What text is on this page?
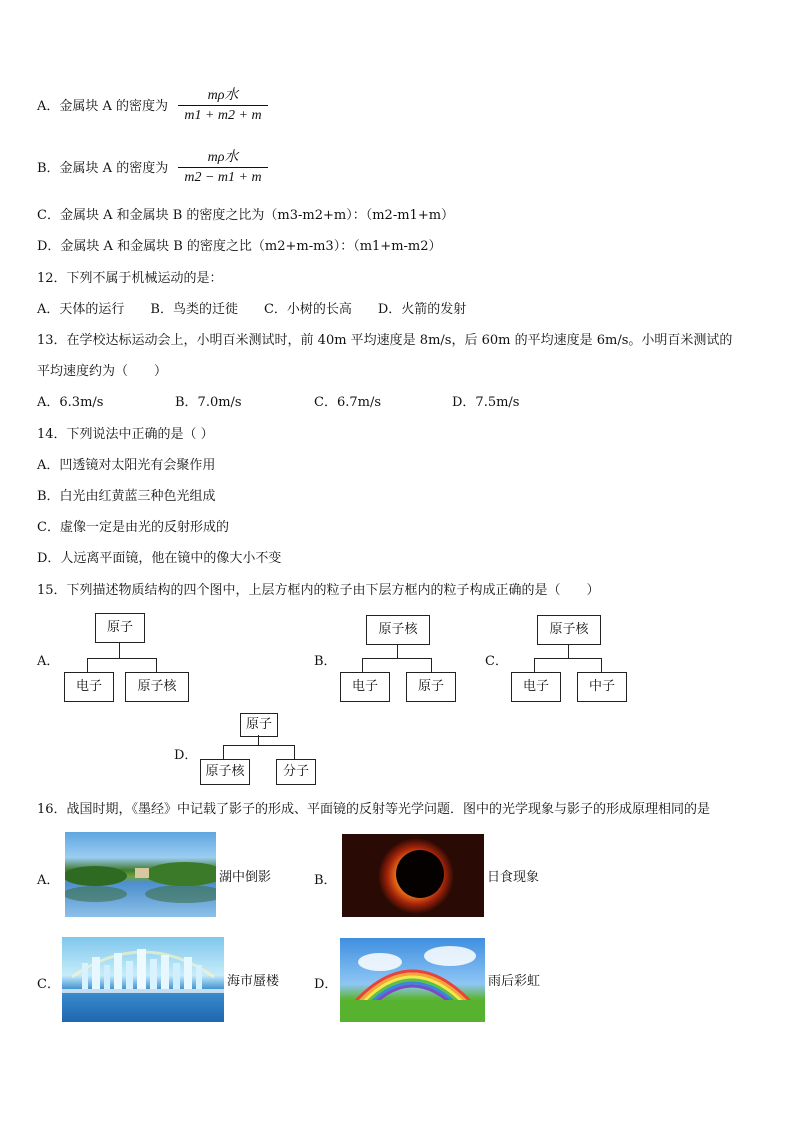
A．金属块 A 的密度为
mρ水
m1 + m2 + m
B．金属块 A 的密度为
mρ水
m2 − m1 + m
C．金属块 A 和金属块 B 的密度之比为（m3-m2+m）：（m2-m1+m）
D．金属块 A 和金属块 B 的密度之比（m2+m-m3）：（m1+m-m2）
12．下列不属于机械运动的是：
A．天体的运行　　B．鸟类的迁徙　　C．小树的长高　　D．火箭的发射
13．在学校达标运动会上，小明百米测试时，前 40m 平均速度是 8m/s，后 60m 的平均速度是 6m/s。小明百米测试的
平均速度约为（　　）
A．6.3m/s	B．7.0m/s	C．6.7m/s	D．7.5m/s
14．下列说法中正确的是（ ）
A．凹透镜对太阳光有会聚作用
B．白光由红黄蓝三种色光组成
C．虚像一定是由光的反射形成的
D．人远离平面镜，他在镜中的像大小不变
15．下列描述物质结构的四个图中，上层方框内的粒子由下层方框内的粒子构成正确的是（　　）
A．
原子
电子	原子核
B．
原子核
电子	原子
C．
原子核
电子	中子
D．
原子
原子核	分子
16．战国时期，《墨经》中记载了影子的形成、平面镜的反射等光学问题．图中的光学现象与影子的形成原理相同的是
A．	湖中倒影	B．	日食现象
C．	海市蜃楼	D．	雨后彩虹
